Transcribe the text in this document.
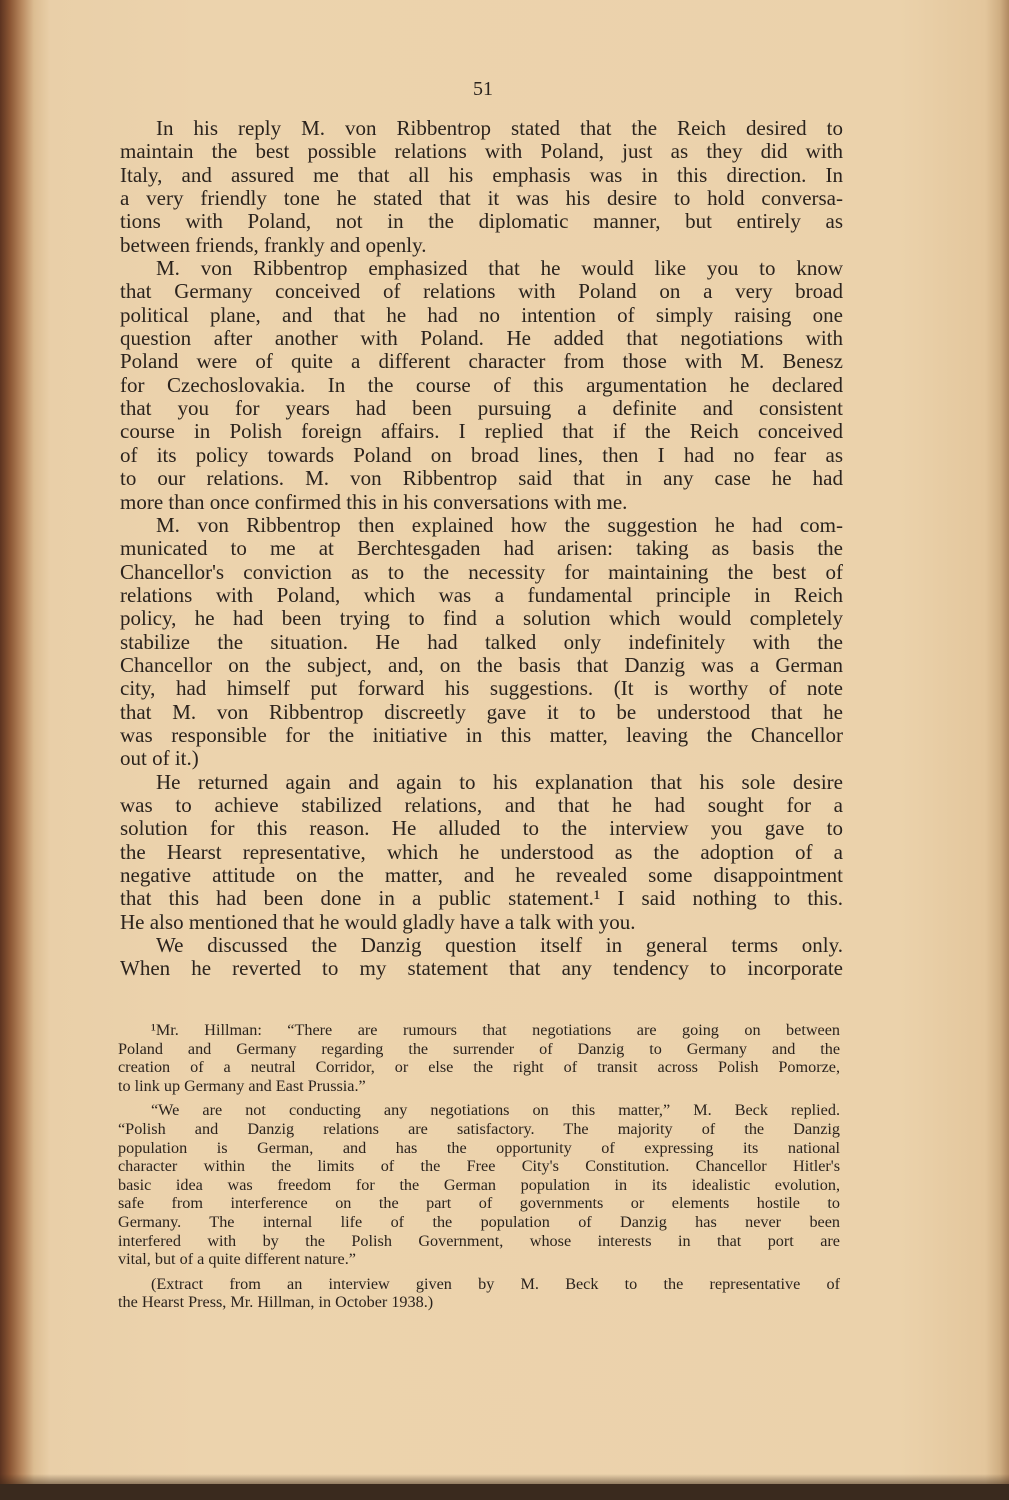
51
In his reply M. von Ribbentrop stated that the Reich desired to
maintain the best possible relations with Poland, just as they did with
Italy, and assured me that all his emphasis was in this direction. In
a very friendly tone he stated that it was his desire to hold conversa-
tions with Poland, not in the diplomatic manner, but entirely as
between friends, frankly and openly.
M. von Ribbentrop emphasized that he would like you to know
that Germany conceived of relations with Poland on a very broad
political plane, and that he had no intention of simply raising one
question after another with Poland. He added that negotiations with
Poland were of quite a different character from those with M. Benesz
for Czechoslovakia. In the course of this argumentation he declared
that you for years had been pursuing a definite and consistent
course in Polish foreign affairs. I replied that if the Reich conceived
of its policy towards Poland on broad lines, then I had no fear as
to our relations. M. von Ribbentrop said that in any case he had
more than once confirmed this in his conversations with me.
M. von Ribbentrop then explained how the suggestion he had com-
municated to me at Berchtesgaden had arisen: taking as basis the
Chancellor's conviction as to the necessity for maintaining the best of
relations with Poland, which was a fundamental principle in Reich
policy, he had been trying to find a solution which would completely
stabilize the situation. He had talked only indefinitely with the
Chancellor on the subject, and, on the basis that Danzig was a German
city, had himself put forward his suggestions. (It is worthy of note
that M. von Ribbentrop discreetly gave it to be understood that he
was responsible for the initiative in this matter, leaving the Chancellor
out of it.)
He returned again and again to his explanation that his sole desire
was to achieve stabilized relations, and that he had sought for a
solution for this reason. He alluded to the interview you gave to
the Hearst representative, which he understood as the adoption of a
negative attitude on the matter, and he revealed some disappointment
that this had been done in a public statement.¹ I said nothing to this.
He also mentioned that he would gladly have a talk with you.
We discussed the Danzig question itself in general terms only.
When he reverted to my statement that any tendency to incorporate
¹Mr. Hillman: “There are rumours that negotiations are going on between
Poland and Germany regarding the surrender of Danzig to Germany and the
creation of a neutral Corridor, or else the right of transit across Polish Pomorze,
to link up Germany and East Prussia.”
“We are not conducting any negotiations on this matter,” M. Beck replied.
“Polish and Danzig relations are satisfactory. The majority of the Danzig
population is German, and has the opportunity of expressing its national
character within the limits of the Free City's Constitution. Chancellor Hitler's
basic idea was freedom for the German population in its idealistic evolution,
safe from interference on the part of governments or elements hostile to
Germany. The internal life of the population of Danzig has never been
interfered with by the Polish Government, whose interests in that port are
vital, but of a quite different nature.”
(Extract from an interview given by M. Beck to the representative of
the Hearst Press, Mr. Hillman, in October 1938.)
